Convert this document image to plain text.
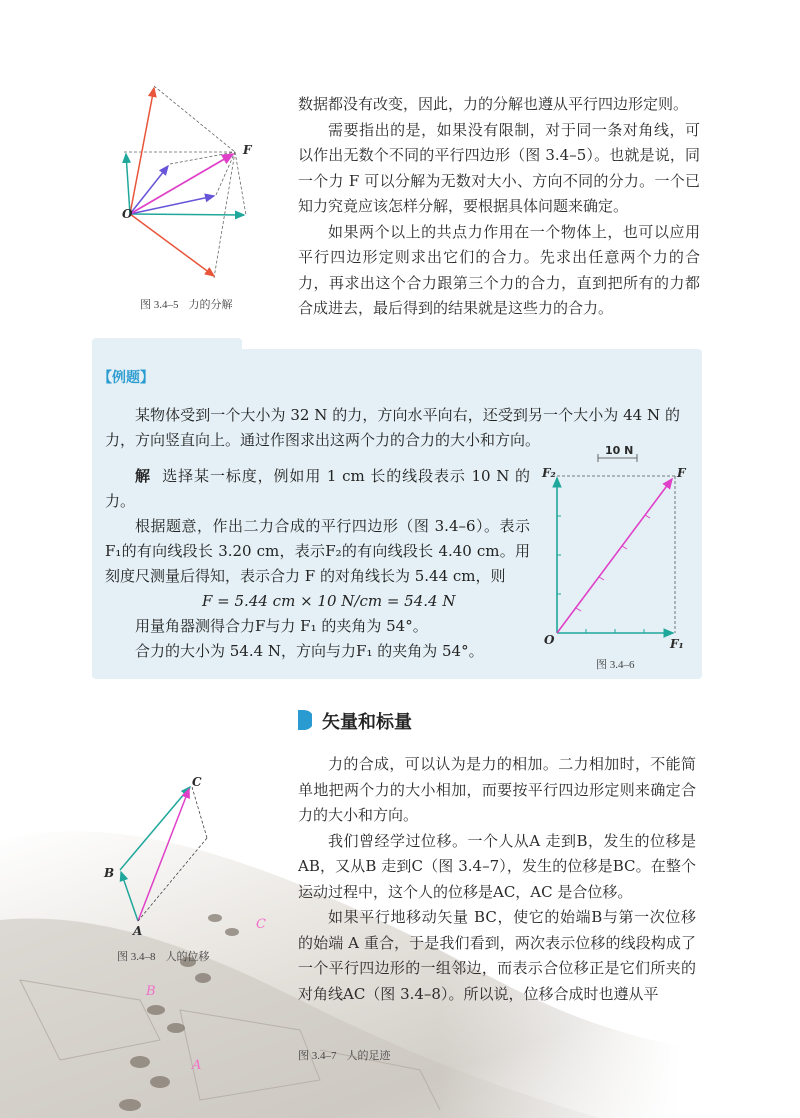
O
F
图 3.4–5 力的分解

数据都没有改变，因此，力的分解也遵从平行四边形定则。

需要指出的是，如果没有限制，对于同一条对角线，可以作出无数个不同的平行四边形（图 3.4–5）。也就是说，同一个力 F 可以分解为无数对大小、方向不同的分力。一个已知力究竟应该怎样分解，要根据具体问题来确定。

如果两个以上的共点力作用在一个物体上，也可以应用平行四边形定则求出它们的合力。先求出任意两个力的合力，再求出这个合力跟第三个力的合力，直到把所有的力都合成进去，最后得到的结果就是这些力的合力。

【例题】
某物体受到一个大小为 32 N 的力，方向水平向右，还受到另一个大小为 44 N 的力，方向竖直向上。通过作图求出这两个力的合力的大小和方向。

解 选择某一标度，例如用 1 cm 长的线段表示 10 N 的力。

根据题意，作出二力合成的平行四边形（图 3.4–6）。表示F₁的有向线段长 3.20 cm，表示F₂的有向线段长 4.40 cm。用刻度尺测量后得知，表示合力 F 的对角线长为 5.44 cm，则

F = 5.44 cm × 10 N/cm = 54.4 N

用量角器测得合力F与力 F₁ 的夹角为 54°。

合力的大小为 54.4 N，方向与力F₁ 的夹角为 54°。

10 N
F₂	F
O	F₁
图 3.4–6
矢量和标量

力的合成，可以认为是力的相加。二力相加时，不能简单地把两个力的大小相加，而要按平行四边形定则来确定合力的大小和方向。

我们曾经学过位移。一个人从A 走到B，发生的位移是AB，又从B 走到C（图 3.4–7），发生的位移是BC。在整个运动过程中，这个人的位移是AC，AC 是合位移。

如果平行地移动矢量 BC，使它的始端B与第一次位移的始端 A 重合，于是我们看到，两次表示位移的线段构成了一个平行四边形的一组邻边，而表示合位移正是它们所夹的对角线AC（图 3.4–8）。所以说，位移合成时也遵从平

C
B
A
图 3.4–8 人的位移
C
B
A
图 3.4–7 人的足迹
